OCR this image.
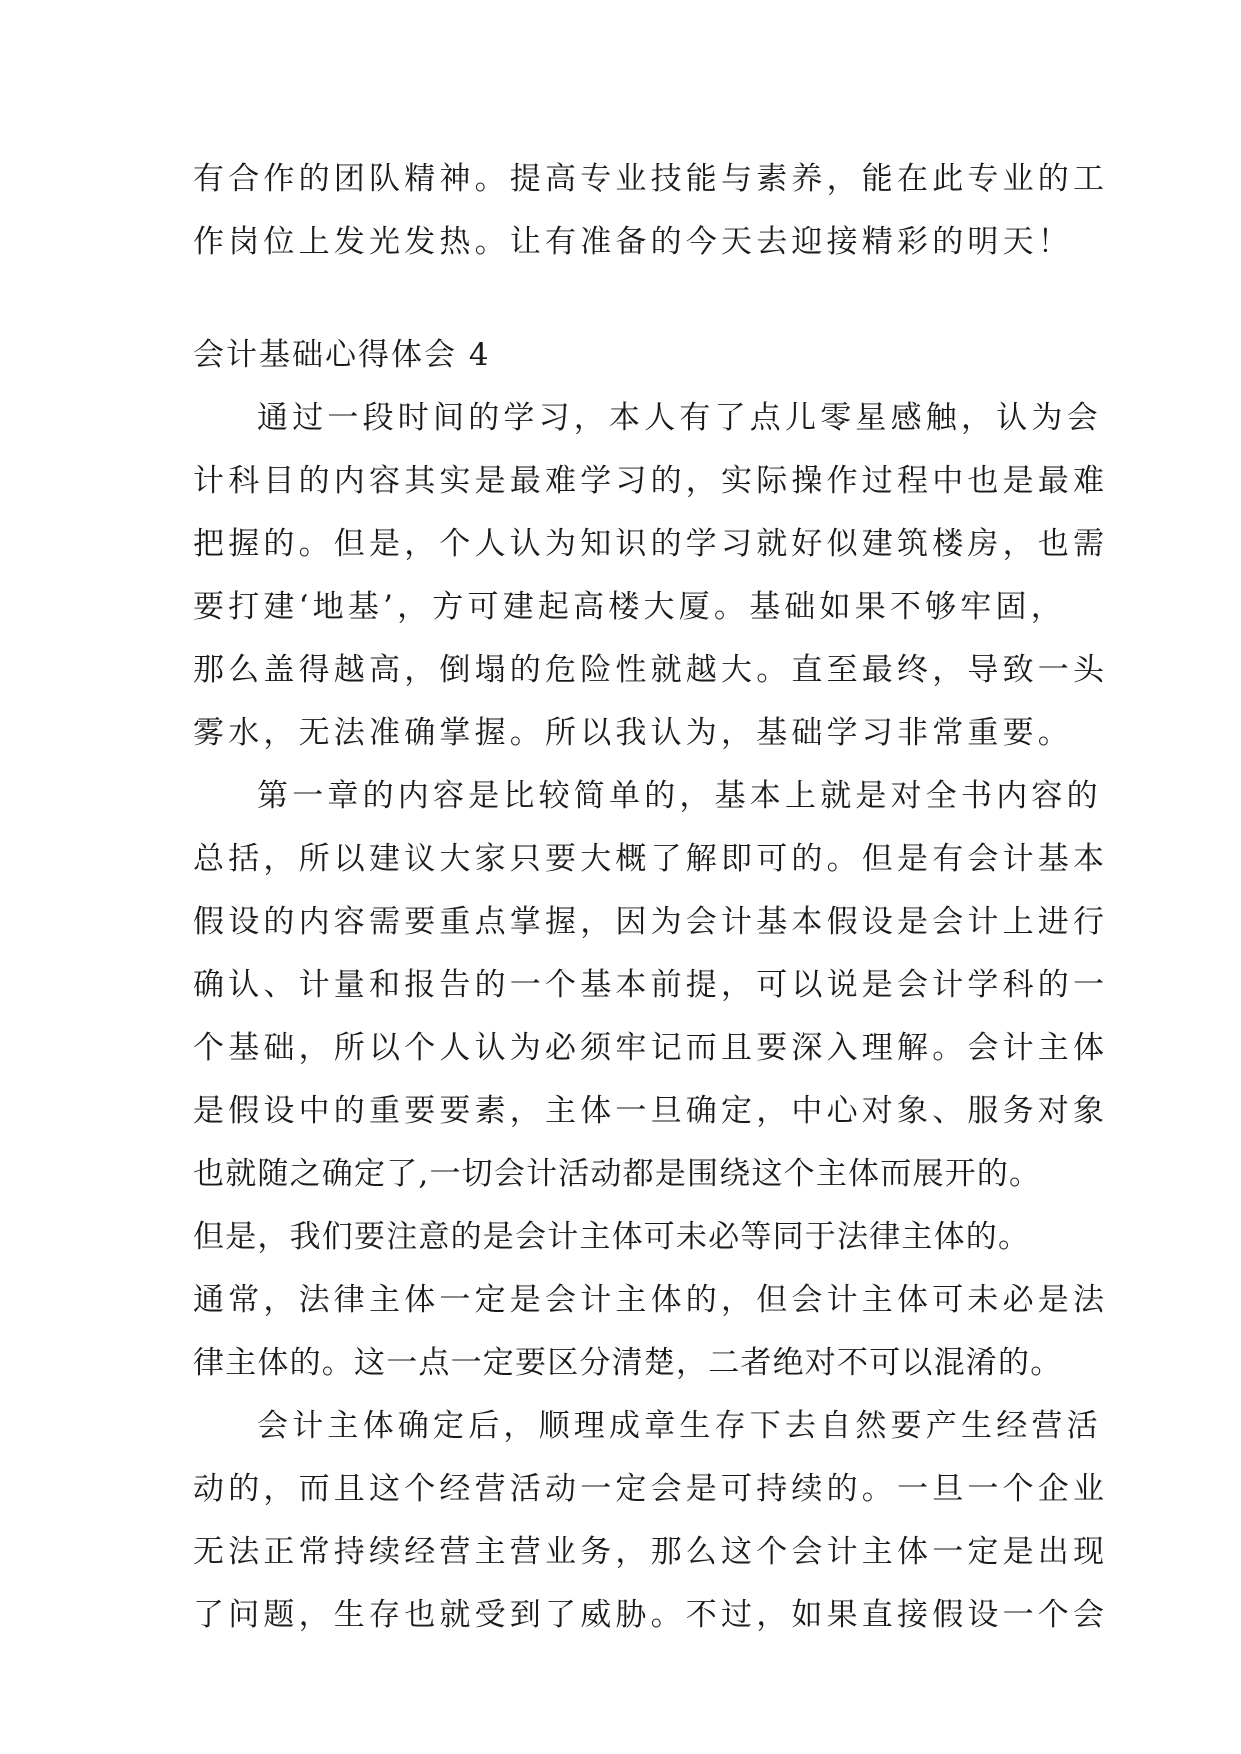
有合作的团队精神。提高专业技能与素养，能在此专业的工
作岗位上发光发热。让有准备的今天去迎接精彩的明天！
会计基础心得体会 4
通过一段时间的学习，本人有了点儿零星感触，认为会
计科目的内容其实是最难学习的，实际操作过程中也是最难
把握的。但是，个人认为知识的学习就好似建筑楼房，也需
要打建‘地基’，方可建起高楼大厦。基础如果不够牢固，
那么盖得越高，倒塌的危险性就越大。直至最终，导致一头
雾水，无法准确掌握。所以我认为，基础学习非常重要。
第一章的内容是比较简单的，基本上就是对全书内容的
总括，所以建议大家只要大概了解即可的。但是有会计基本
假设的内容需要重点掌握，因为会计基本假设是会计上进行
确认、计量和报告的一个基本前提，可以说是会计学科的一
个基础，所以个人认为必须牢记而且要深入理解。会计主体
是假设中的重要要素，主体一旦确定，中心对象、服务对象
也就随之确定了,一切会计活动都是围绕这个主体而展开的。
但是，我们要注意的是会计主体可未必等同于法律主体的。
通常，法律主体一定是会计主体的，但会计主体可未必是法
律主体的。这一点一定要区分清楚，二者绝对不可以混淆的。
会计主体确定后，顺理成章生存下去自然要产生经营活
动的，而且这个经营活动一定会是可持续的。一旦一个企业
无法正常持续经营主营业务，那么这个会计主体一定是出现
了问题，生存也就受到了威胁。不过，如果直接假设一个会
